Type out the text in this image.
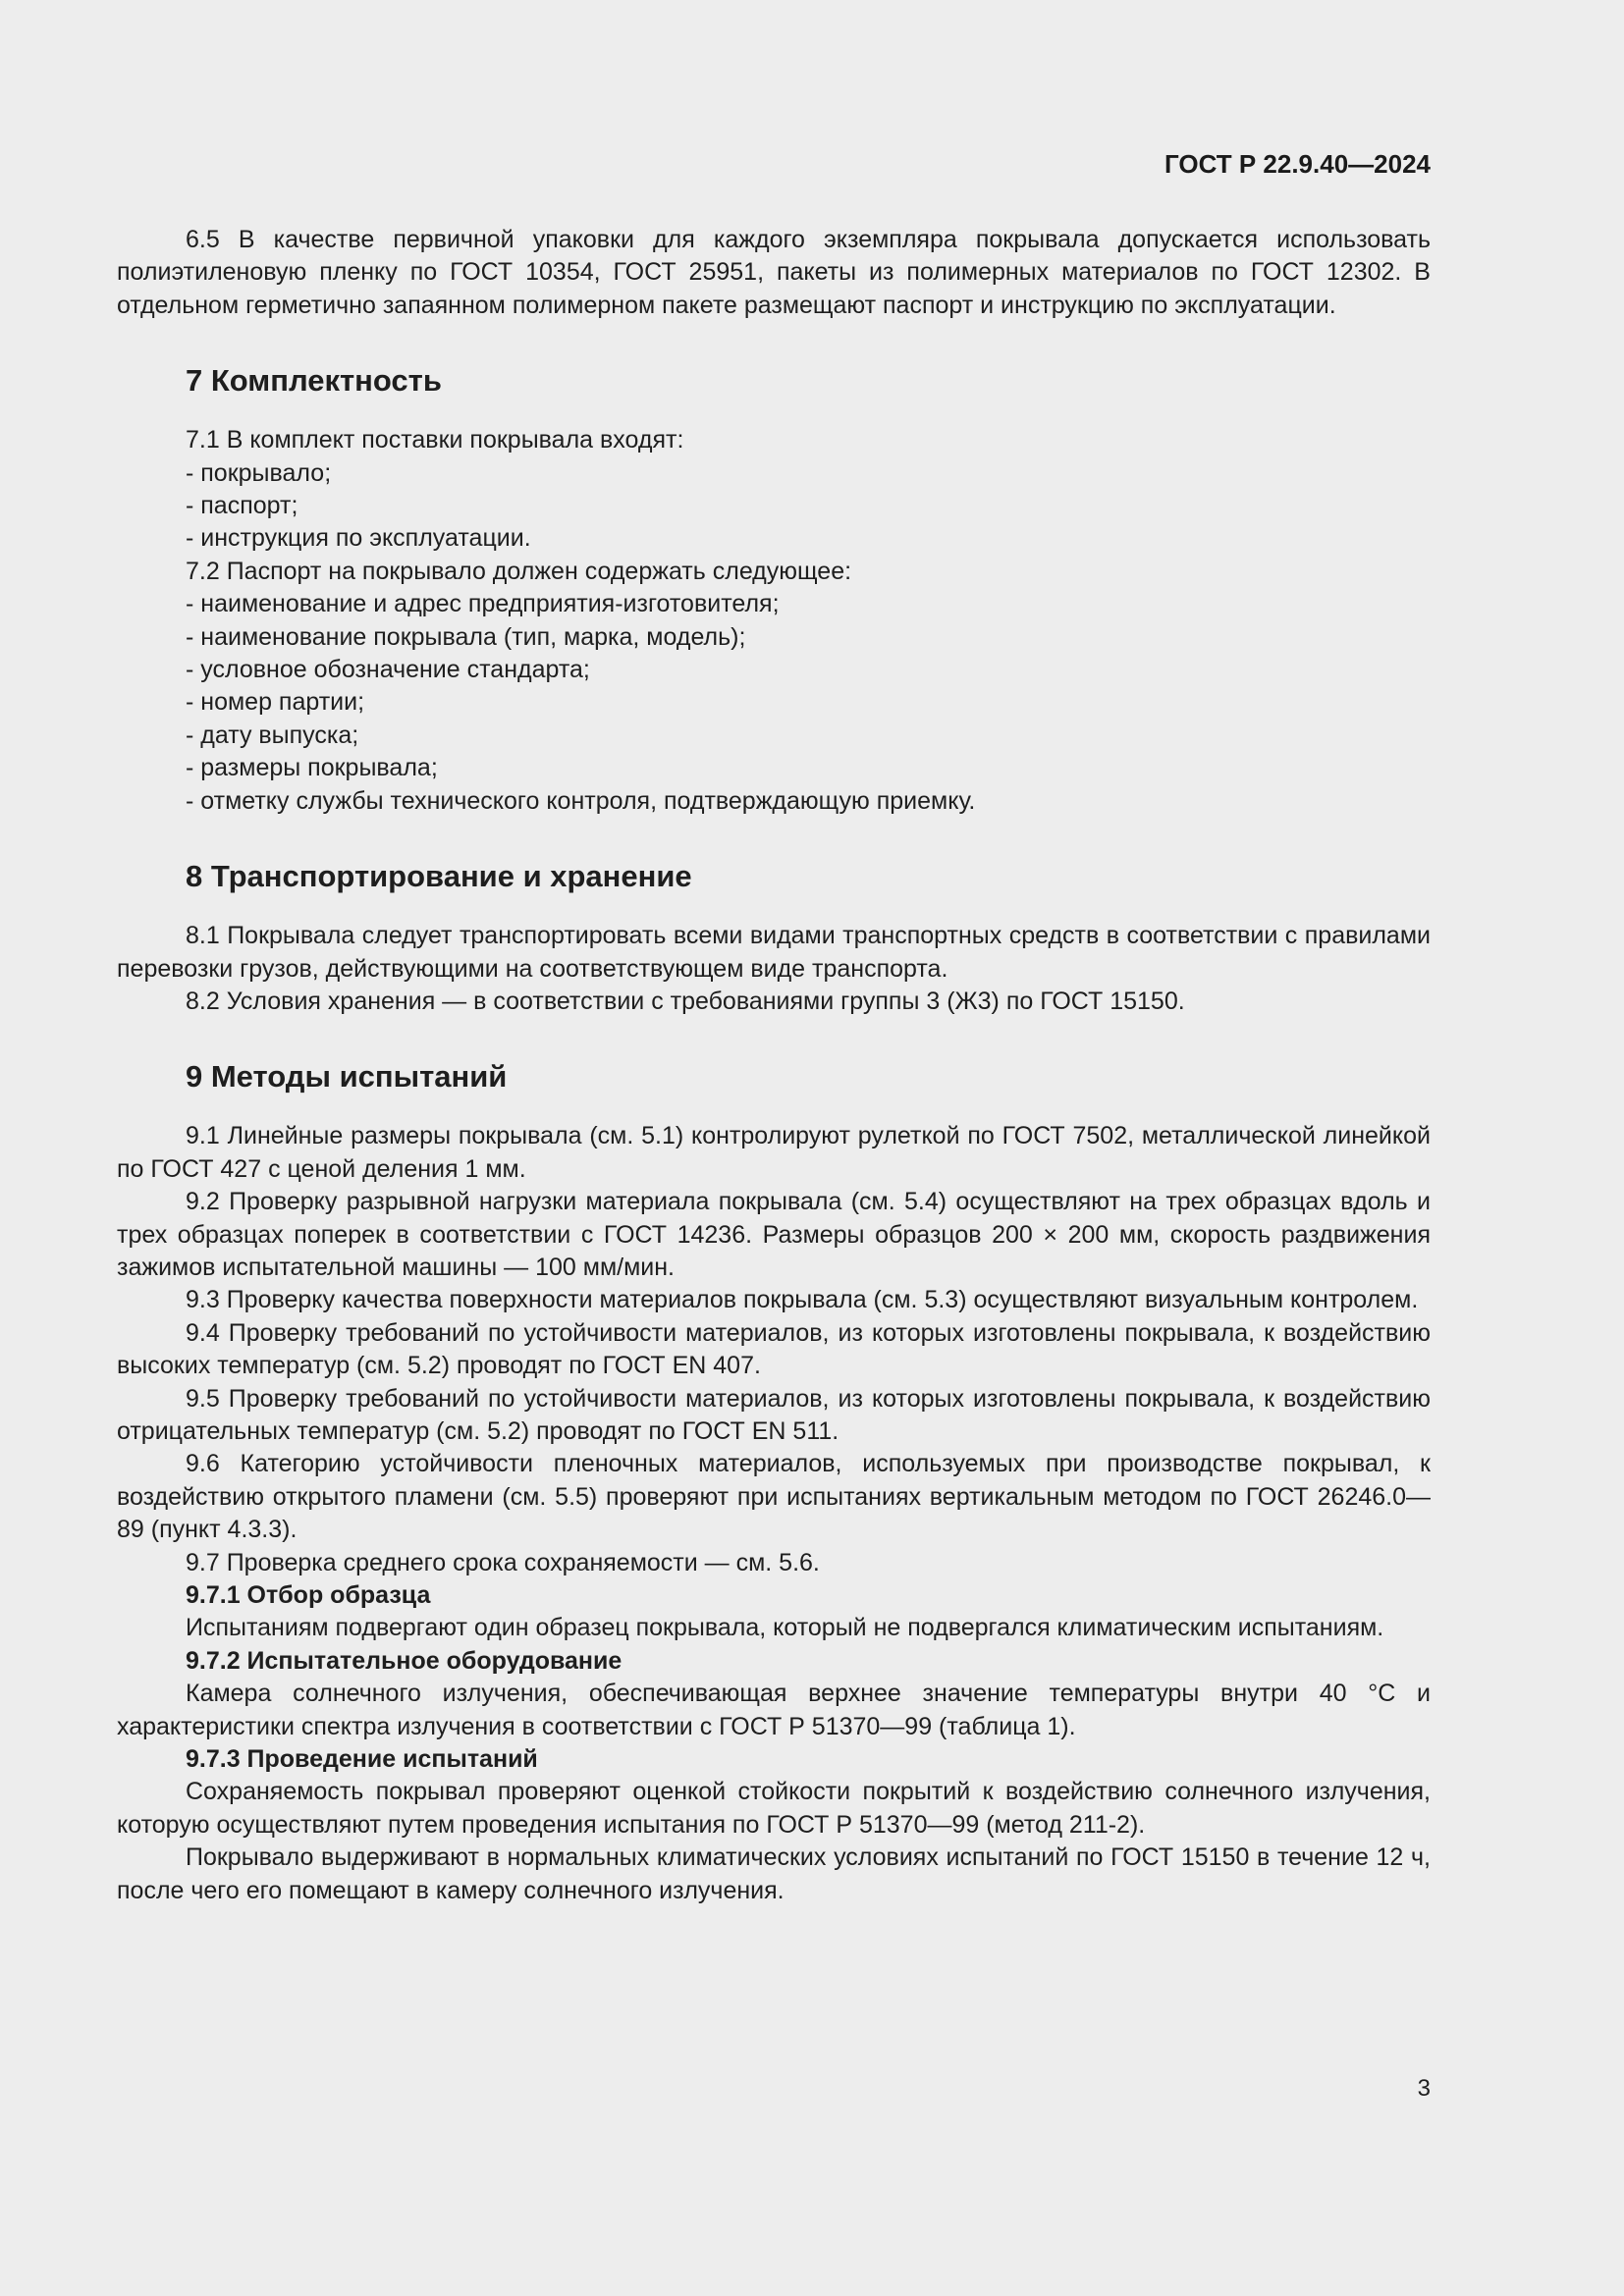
ГОСТ Р 22.9.40—2024

6.5 В качестве первичной упаковки для каждого экземпляра покрывала допускается использовать полиэтиленовую пленку по ГОСТ 10354, ГОСТ 25951, пакеты из полимерных материалов по ГОСТ 12302. В отдельном герметично запаянном полимерном пакете размещают паспорт и инструкцию по эксплуатации.

7 Комплектность

7.1 В комплект поставки покрывала входят:

- покрывало;

- паспорт;

- инструкция по эксплуатации.

7.2 Паспорт на покрывало должен содержать следующее:

- наименование и адрес предприятия-изготовителя;

- наименование покрывала (тип, марка, модель);

- условное обозначение стандарта;

- номер партии;

- дату выпуска;

- размеры покрывала;

- отметку службы технического контроля, подтверждающую приемку.

8 Транспортирование и хранение

8.1 Покрывала следует транспортировать всеми видами транспортных средств в соответствии с правилами перевозки грузов, действующими на соответствующем виде транспорта.

8.2 Условия хранения — в соответствии с требованиями группы 3 (Ж3) по ГОСТ 15150.

9 Методы испытаний

9.1 Линейные размеры покрывала (см. 5.1) контролируют рулеткой по ГОСТ 7502, металлической линейкой по ГОСТ 427 с ценой деления 1 мм.

9.2 Проверку разрывной нагрузки материала покрывала (см. 5.4) осуществляют на трех образцах вдоль и трех образцах поперек в соответствии с ГОСТ 14236. Размеры образцов 200 × 200 мм, скорость раздвижения зажимов испытательной машины — 100 мм/мин.

9.3 Проверку качества поверхности материалов покрывала (см. 5.3) осуществляют визуальным контролем.

9.4 Проверку требований по устойчивости материалов, из которых изготовлены покрывала, к воздействию высоких температур (см. 5.2) проводят по ГОСТ EN 407.

9.5 Проверку требований по устойчивости материалов, из которых изготовлены покрывала, к воздействию отрицательных температур (см. 5.2) проводят по ГОСТ EN 511.

9.6 Категорию устойчивости пленочных материалов, используемых при производстве покрывал, к воздействию открытого пламени (см. 5.5) проверяют при испытаниях вертикальным методом по ГОСТ 26246.0—89 (пункт 4.3.3).

9.7 Проверка среднего срока сохраняемости — см. 5.6.

9.7.1 Отбор образца

Испытаниям подвергают один образец покрывала, который не подвергался климатическим испытаниям.

9.7.2 Испытательное оборудование

Камера солнечного излучения, обеспечивающая верхнее значение температуры внутри 40 °С и характеристики спектра излучения в соответствии с ГОСТ Р 51370—99 (таблица 1).

9.7.3 Проведение испытаний

Сохраняемость покрывал проверяют оценкой стойкости покрытий к воздействию солнечного излучения, которую осуществляют путем проведения испытания по ГОСТ Р 51370—99 (метод 211-2).

Покрывало выдерживают в нормальных климатических условиях испытаний по ГОСТ 15150 в течение 12 ч, после чего его помещают в камеру солнечного излучения.

3
